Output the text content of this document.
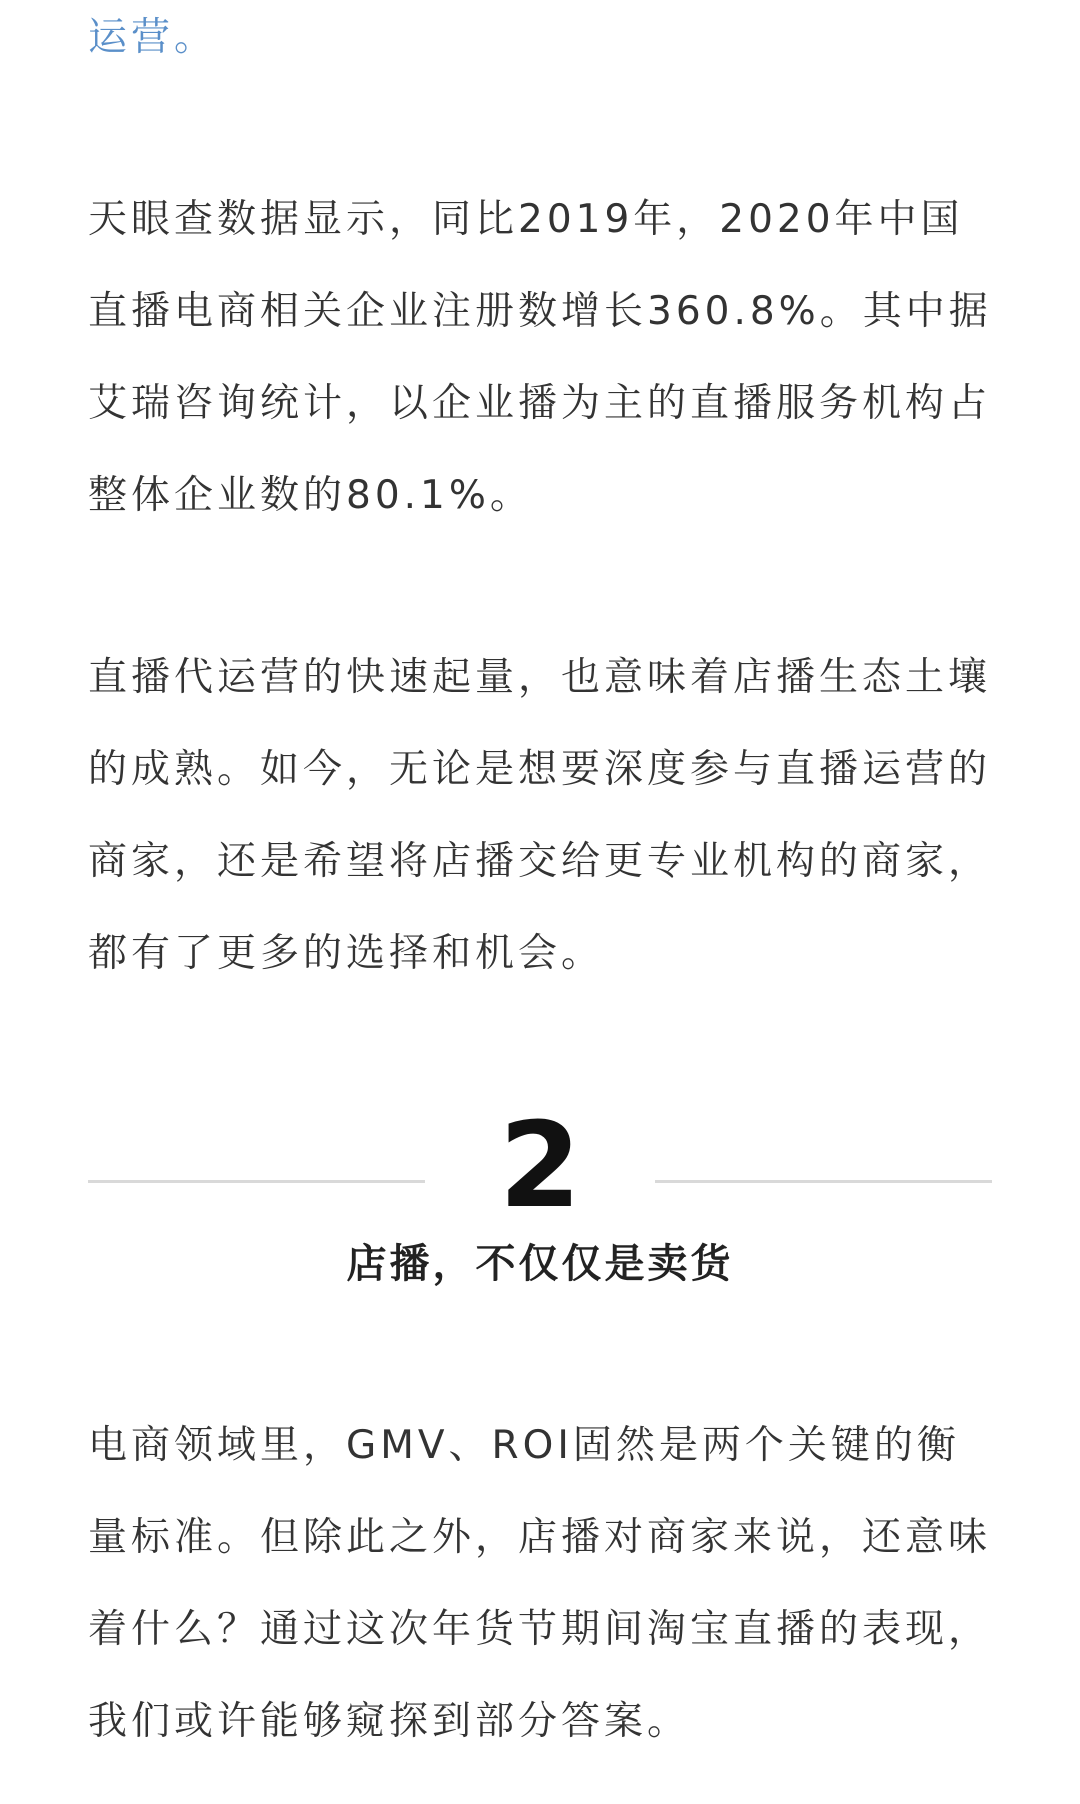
运营。

天眼查数据显示，同比2019年，2020年中国直播电商相关企业注册数增长360.8%。其中据艾瑞咨询统计，以企业播为主的直播服务机构占整体企业数的80.1%。

直播代运营的快速起量，也意味着店播生态土壤的成熟。如今，无论是想要深度参与直播运营的商家，还是希望将店播交给更专业机构的商家，都有了更多的选择和机会。

2
店播，不仅仅是卖货

电商领域里，GMV、ROI固然是两个关键的衡量标准。但除此之外，店播对商家来说，还意味着什么？通过这次年货节期间淘宝直播的表现，我们或许能够窥探到部分答案。
